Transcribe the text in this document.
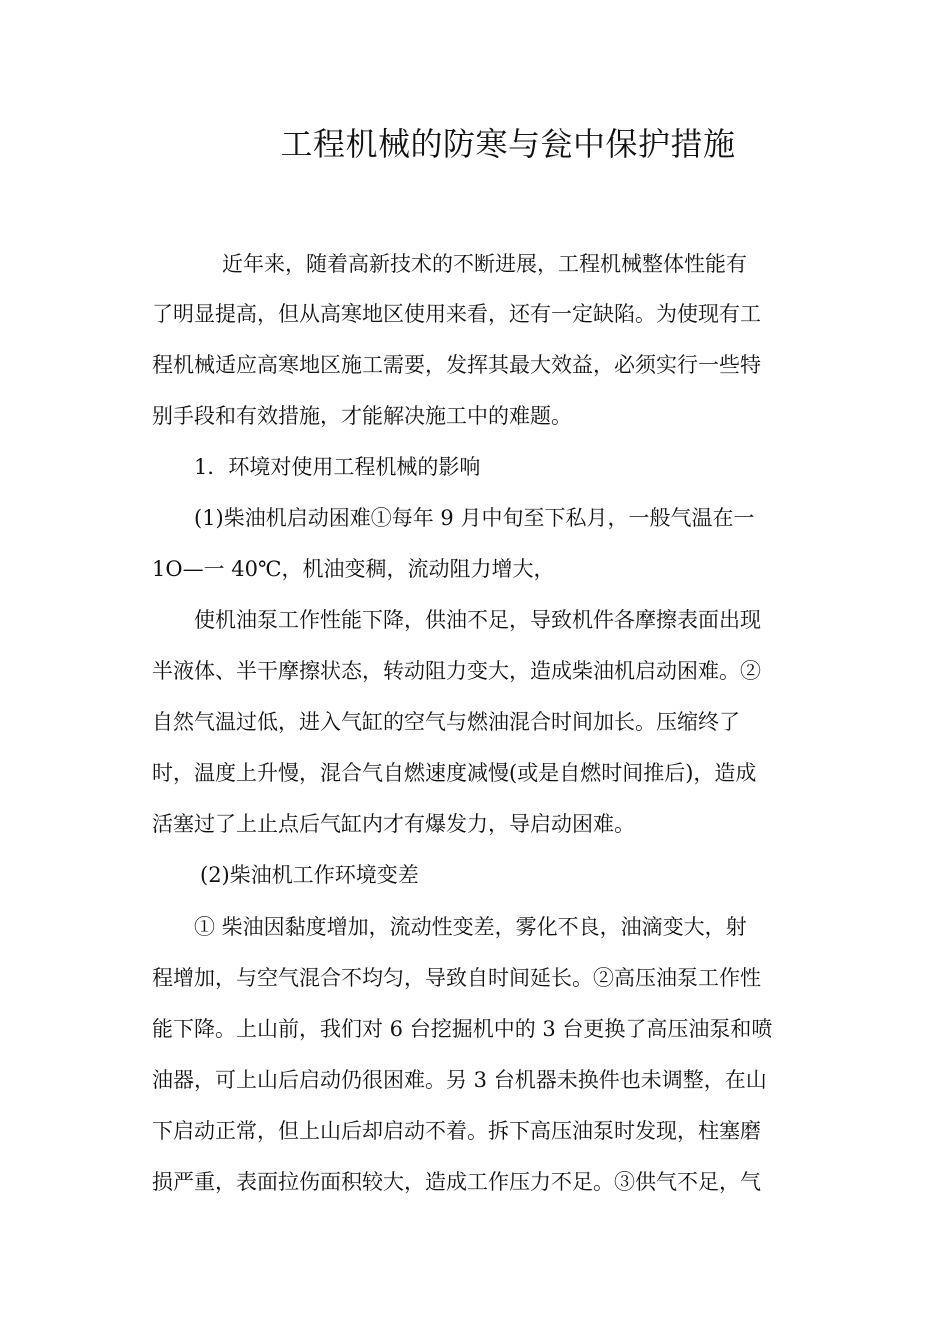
工程机械的防寒与瓮中保护措施
近年来，随着高新技术的不断进展，工程机械整体性能有
了明显提高，但从高寒地区使用来看，还有一定缺陷。为使现有工
程机械适应高寒地区施工需要，发挥其最大效益，必须实行一些特
别手段和有效措施，才能解决施工中的难题。
1．环境对使用工程机械的影响
(1)柴油机启动困难①每年 9 月中旬至下私月，一般气温在一
1O—一 40℃，机油变稠，流动阻力增大，
使机油泵工作性能下降，供油不足，导致机件各摩擦表面出现
半液体、半干摩擦状态，转动阻力变大，造成柴油机启动困难。②
自然气温过低，进入气缸的空气与燃油混合时间加长。压缩终了
时，温度上升慢，混合气自燃速度减慢(或是自燃时间推后)，造成
活塞过了上止点后气缸内才有爆发力，导启动困难。
(2)柴油机工作环境变差
① 柴油因黏度增加，流动性变差，雾化不良，油滴变大，射
程增加，与空气混合不均匀，导致自时间延长。②高压油泵工作性
能下降。上山前，我们对 6 台挖掘机中的 3 台更换了高压油泵和喷
油器，可上山后启动仍很困难。另 3 台机器未换件也未调整，在山
下启动正常，但上山后却启动不着。拆下高压油泵时发现，柱塞磨
损严重，表面拉伤面积较大，造成工作压力不足。③供气不足，气
